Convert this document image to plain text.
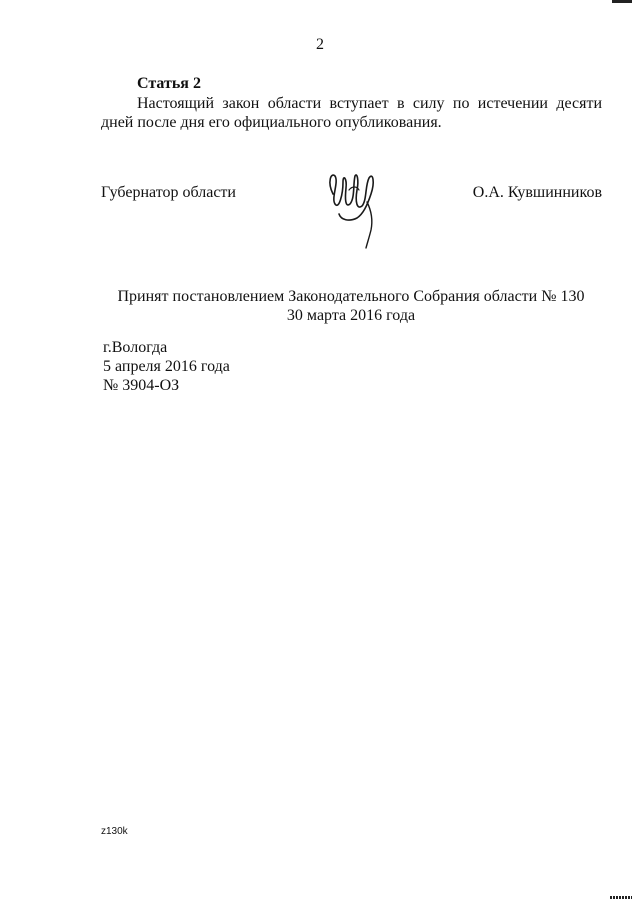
2

Статья 2

Настоящий закон области вступает в силу по истечении десяти дней после дня его официального опубликования.

Губернатор области	О.А. Кувшинников

Принят постановлением Законодательного Собрания области № 130

30 марта 2016 года

г.Вологда
5 апреля 2016 года
№ 3904-ОЗ
z130k
